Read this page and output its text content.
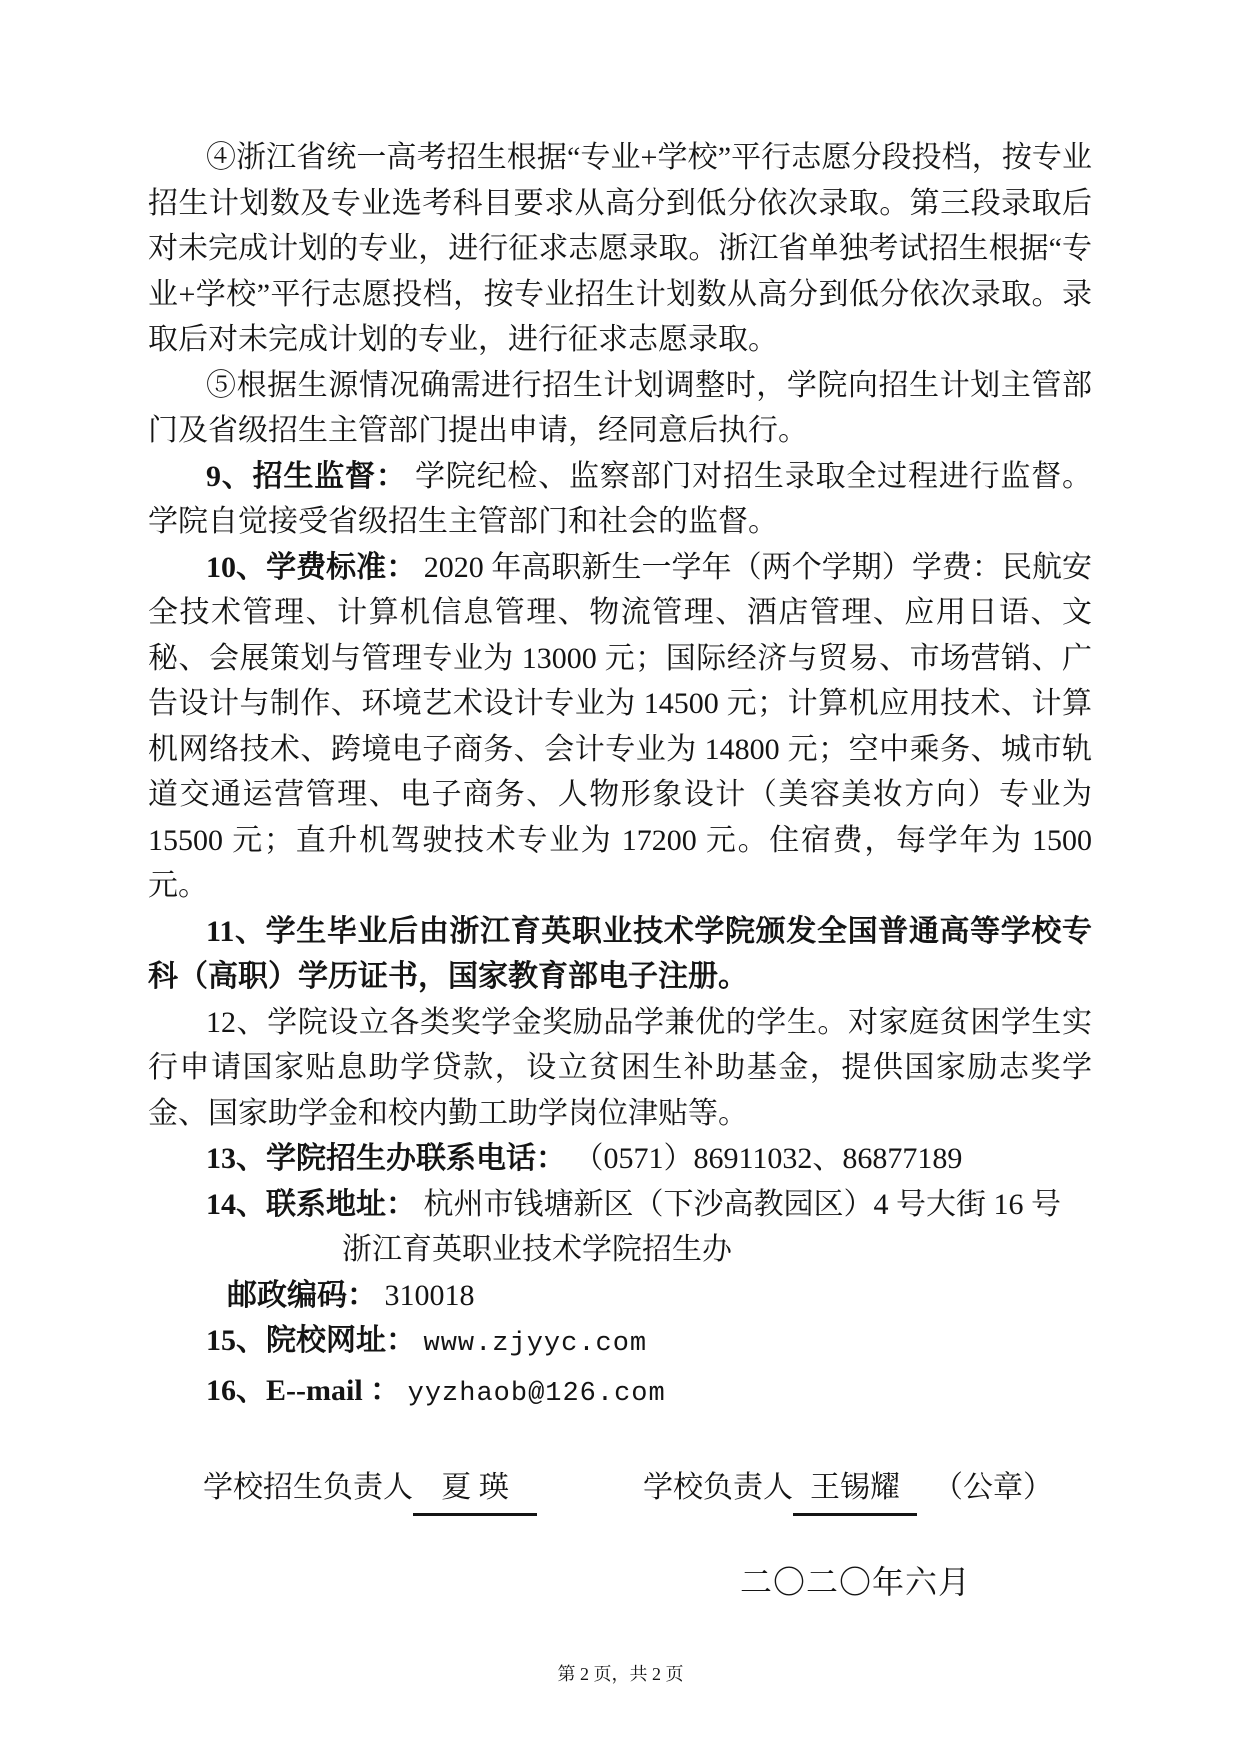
④浙江省统一高考招生根据“专业+学校”平行志愿分段投档，按专业招生计划数及专业选考科目要求从高分到低分依次录取。第三段录取后对未完成计划的专业，进行征求志愿录取。浙江省单独考试招生根据“专业+学校”平行志愿投档，按专业招生计划数从高分到低分依次录取。录取后对未完成计划的专业，进行征求志愿录取。

⑤根据生源情况确需进行招生计划调整时，学院向招生计划主管部门及省级招生主管部门提出申请，经同意后执行。

9、招生监督： 学院纪检、监察部门对招生录取全过程进行监督。学院自觉接受省级招生主管部门和社会的监督。

10、学费标准： 2020 年高职新生一学年（两个学期）学费：民航安全技术管理、计算机信息管理、物流管理、酒店管理、应用日语、文秘、会展策划与管理专业为 13000 元；国际经济与贸易、市场营销、广告设计与制作、环境艺术设计专业为 14500 元；计算机应用技术、计算机网络技术、跨境电子商务、会计专业为 14800 元；空中乘务、城市轨道交通运营管理、电子商务、人物形象设计（美容美妆方向）专业为 15500 元；直升机驾驶技术专业为 17200 元。住宿费，每学年为 1500 元。

11、学生毕业后由浙江育英职业技术学院颁发全国普通高等学校专科（高职）学历证书，国家教育部电子注册。

12、学院设立各类奖学金奖励品学兼优的学生。对家庭贫困学生实行申请国家贴息助学贷款，设立贫困生补助基金，提供国家励志奖学金、国家助学金和校内勤工助学岗位津贴等。

13、学院招生办联系电话： （0571）86911032、86877189

14、联系地址： 杭州市钱塘新区（下沙高教园区）4 号大街 16 号

浙江育英职业技术学院招生办
邮政编码： 310018

15、院校网址： www.zjyyc.com

16、E--mail ： yyzhaob@126.com

学校招生负责人 夏 瑛	学校负责人 王锡耀 （公章）
二〇二〇年六月
第 2 页，共 2 页
